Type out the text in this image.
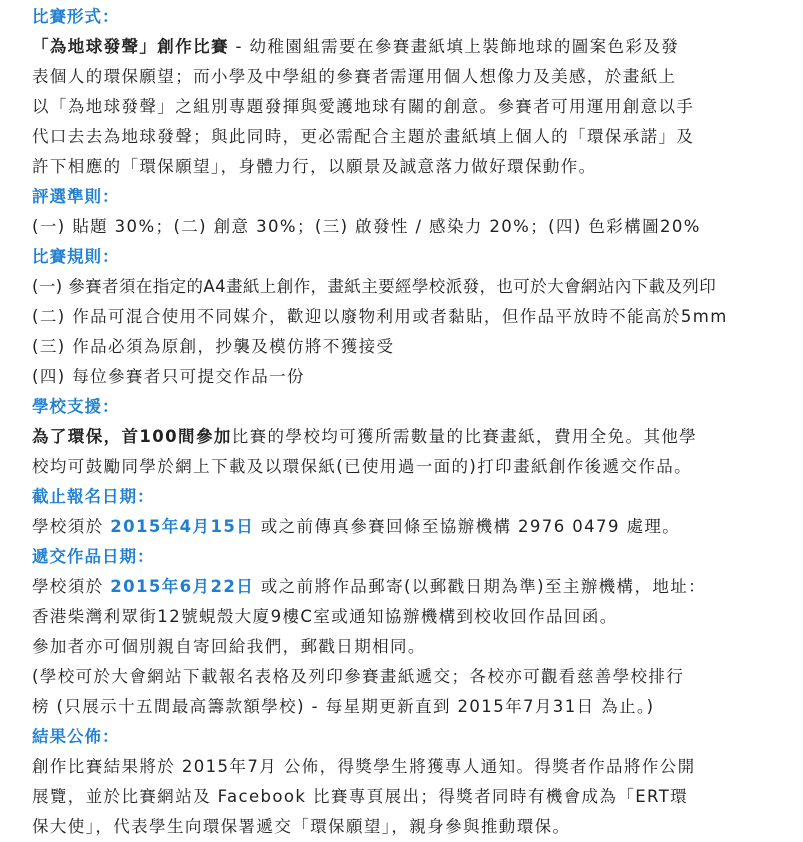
比賽形式：
「為地球發聲」創作比賽 - 幼稚園組需要在參賽畫紙填上裝飾地球的圖案色彩及發
表個人的環保願望；而小學及中學組的參賽者需運用個人想像力及美感，於畫紙上
以「為地球發聲」之組別專題發揮與愛護地球有關的創意。參賽者可用運用創意以手
代口去去為地球發聲；與此同時，更必需配合主題於畫紙填上個人的「環保承諾」及
許下相應的「環保願望」，身體力行，以願景及誠意落力做好環保動作。
評選準則：
(一) 貼題 30%；(二) 創意 30%；(三) 啟發性 / 感染力 20%；(四) 色彩構圖20%
比賽規則：
(一) 參賽者須在指定的A4畫紙上創作，畫紙主要經學校派發，也可於大會網站內下載及列印
(二) 作品可混合使用不同媒介，歡迎以廢物利用或者黏貼，但作品平放時不能高於5mm
(三) 作品必須為原創，抄襲及模仿將不獲接受
(四) 每位參賽者只可提交作品一份
學校支援：
為了環保，首100間參加比賽的學校均可獲所需數量的比賽畫紙，費用全免。其他學
校均可鼓勵同學於網上下載及以環保紙(已使用過一面的)打印畫紙創作後遞交作品。
截止報名日期：
學校須於 2015年4月15日 或之前傳真參賽回條至協辦機構 2976 0479 處理。
遞交作品日期：
學校須於 2015年6月22日 或之前將作品郵寄(以郵戳日期為準)至主辦機構，地址：
香港柴灣利眾街12號蜆殼大廈9樓C室或通知協辦機構到校收回作品回函。
參加者亦可個別親自寄回給我們，郵戳日期相同。
(學校可於大會網站下載報名表格及列印參賽畫紙遞交；各校亦可觀看慈善學校排行
榜 (只展示十五間最高籌款額學校) - 每星期更新直到 2015年7月31日 為止。)
結果公佈：
創作比賽結果將於 2015年7月 公佈，得獎學生將獲專人通知。得獎者作品將作公開
展覽，並於比賽網站及 Facebook 比賽專頁展出；得獎者同時有機會成為「ERT環
保大使」，代表學生向環保署遞交「環保願望」，親身參與推動環保。
